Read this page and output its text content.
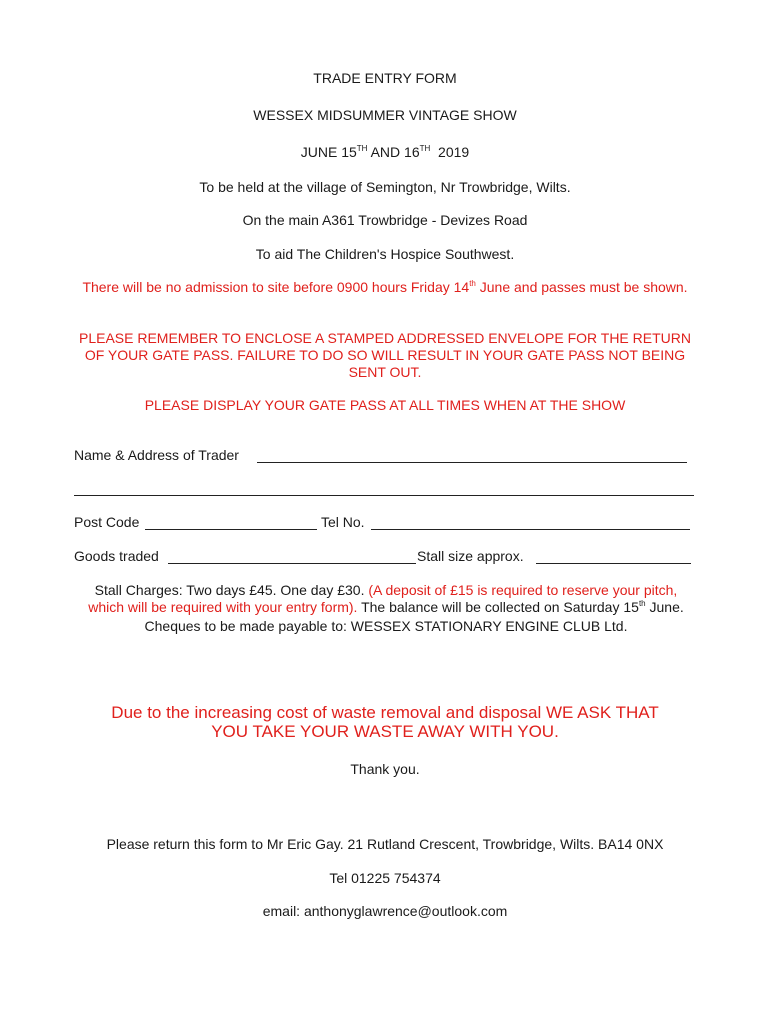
TRADE ENTRY FORM
WESSEX MIDSUMMER VINTAGE SHOW
JUNE 15TH AND 16TH  2019
To be held at the village of Semington, Nr Trowbridge, Wilts.
On the main A361 Trowbridge - Devizes Road
To aid The Children's Hospice Southwest.
There will be no admission to site before 0900 hours Friday 14th June and passes must be shown.
PLEASE REMEMBER TO ENCLOSE A STAMPED ADDRESSED ENVELOPE FOR THE RETURN OF YOUR GATE PASS. FAILURE TO DO SO WILL RESULT IN YOUR GATE PASS NOT BEING SENT OUT.
PLEASE DISPLAY YOUR GATE PASS AT ALL TIMES WHEN AT THE SHOW
Name & Address of Trader
Post Code	Tel No.
Goods traded	Stall size approx.
Stall Charges: Two days £45. One day £30. (A deposit of £15 is required to reserve your pitch, which will be required with your entry form). The balance will be collected on Saturday 15th June. Cheques to be made payable to: WESSEX STATIONARY ENGINE CLUB Ltd.
Due to the increasing cost of waste removal and disposal WE ASK THAT
YOU TAKE YOUR WASTE AWAY WITH YOU.
Thank you.
Please return this form to Mr Eric Gay. 21 Rutland Crescent, Trowbridge, Wilts. BA14 0NX
Tel 01225 754374
email: anthonyglawrence@outlook.com
